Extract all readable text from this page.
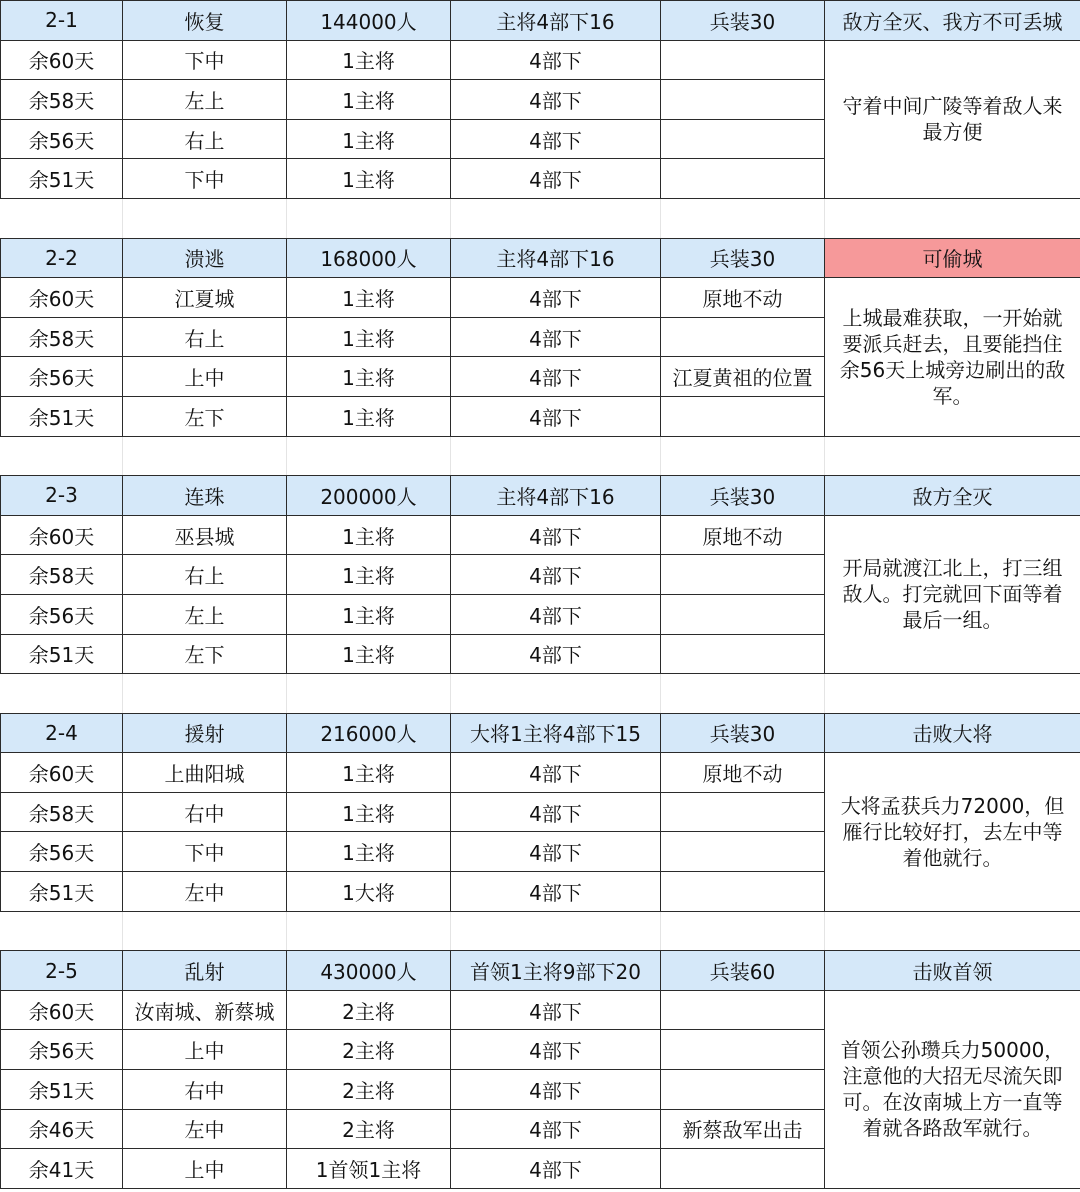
2-1	恢复	144000人	主将4部下16	兵装30	敌方全灭、我方不可丢城
余60天	下中	1主将	4部下		守着中间广陵等着敌人来最方便
余58天	左上	1主将	4部下		
余56天	右上	1主将	4部下		
余51天	下中	1主将	4部下		

2-2	溃逃	168000人	主将4部下16	兵装30	可偷城
余60天	江夏城	1主将	4部下	原地不动	上城最难获取，一开始就要派兵赶去，且要能挡住余56天上城旁边刷出的敌军。
余58天	右上	1主将	4部下		
余56天	上中	1主将	4部下	江夏黄祖的位置	
余51天	左下	1主将	4部下		

2-3	连珠	200000人	主将4部下16	兵装30	敌方全灭
余60天	巫县城	1主将	4部下	原地不动	开局就渡江北上，打三组敌人。打完就回下面等着最后一组。
余58天	右上	1主将	4部下		
余56天	左上	1主将	4部下		
余51天	左下	1主将	4部下		

2-4	援射	216000人	大将1主将4部下15	兵装30	击败大将
余60天	上曲阳城	1主将	4部下	原地不动	大将孟获兵力72000，但雁行比较好打，去左中等着他就行。
余58天	右中	1主将	4部下		
余56天	下中	1主将	4部下		
余51天	左中	1大将	4部下		

2-5	乱射	430000人	首领1主将9部下20	兵装60	击败首领
余60天	汝南城、新蔡城	2主将	4部下		首领公孙瓒兵力50000，注意他的大招无尽流矢即可。在汝南城上方一直等着就各路敌军就行。
余56天	上中	2主将	4部下		
余51天	右中	2主将	4部下		
余46天	左中	2主将	4部下	新蔡敌军出击	
余41天	上中	1首领1主将	4部下		
